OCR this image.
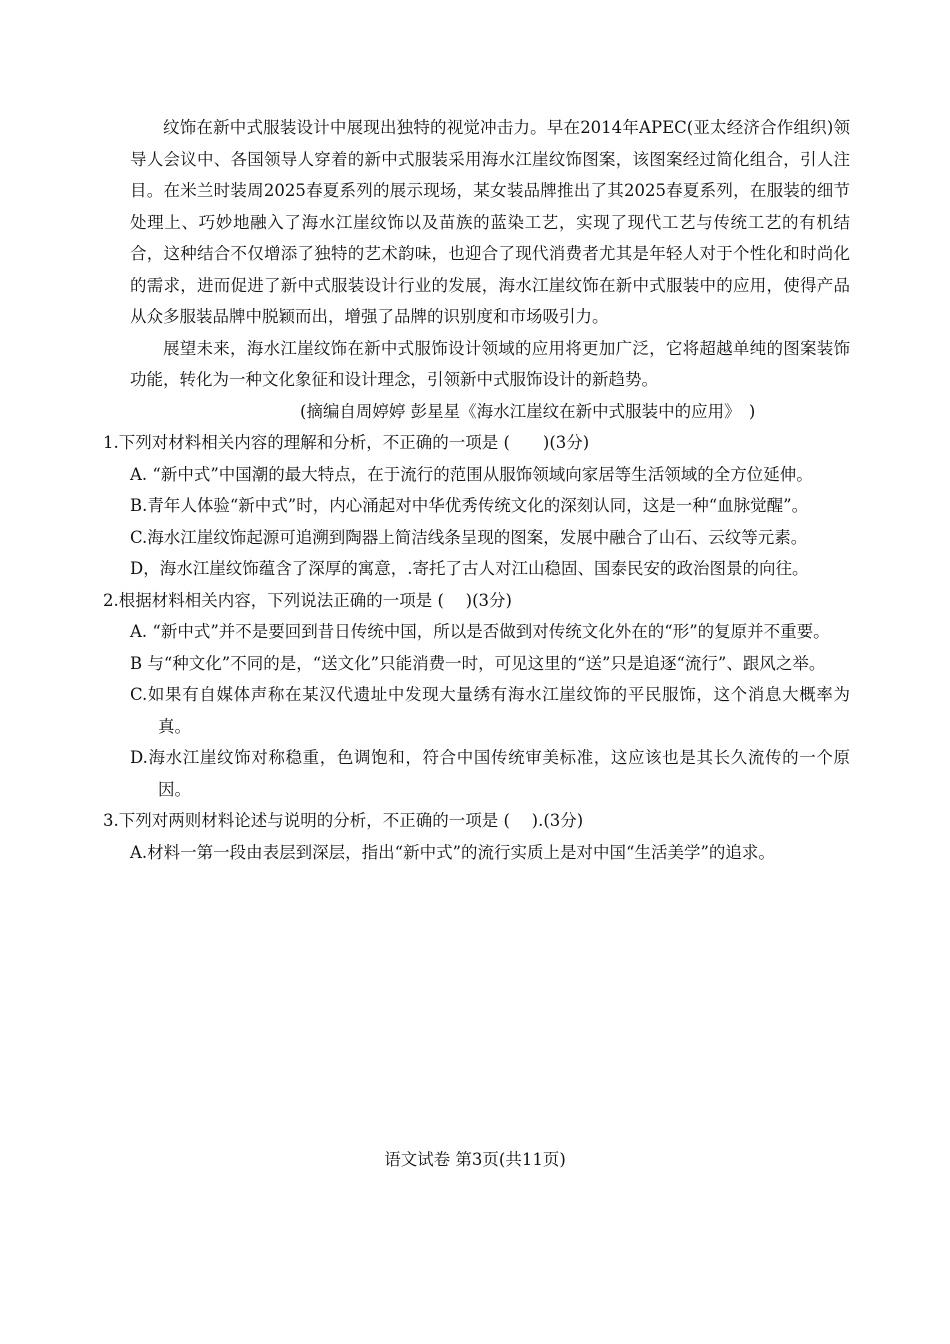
纹饰在新中式服装设计中展现出独特的视觉冲击力。早在2014年APEC(亚太经济合作组织)领导人会议中、各国领导人穿着的新中式服装采用海水江崖纹饰图案，该图案经过简化组合，引人注目。在米兰时装周2025春夏系列的展示现场，某女装品牌推出了其2025春夏系列，在服装的细节处理上、巧妙地融入了海水江崖纹饰以及苗族的蓝染工艺，实现了现代工艺与传统工艺的有机结合，这种结合不仅增添了独特的艺术韵味，也迎合了现代消费者尤其是年轻人对于个性化和时尚化的需求，进而促进了新中式服装设计行业的发展，海水江崖纹饰在新中式服装中的应用，使得产品从众多服装品牌中脱颖而出，增强了品牌的识别度和市场吸引力。

展望未来，海水江崖纹饰在新中式服饰设计领域的应用将更加广泛，它将超越单纯的图案装饰功能，转化为一种文化象征和设计理念，引领新中式服饰设计的新趋势。

(摘编自周婷婷 彭星星《海水江崖纹在新中式服装中的应用》　)

1.下列对材料相关内容的理解和分析，不正确的一项是 (　　)(3分)

A. “新中式”中国潮的最大特点，在于流行的范围从服饰领域向家居等生活领域的全方位延伸。

B.青年人体验“新中式”时，内心涌起对中华优秀传统文化的深刻认同，这是一种“血脉觉醒”。

C.海水江崖纹饰起源可追溯到陶器上简洁线条呈现的图案，发展中融合了山石、云纹等元素。

D，海水江崖纹饰蕴含了深厚的寓意，.寄托了古人对江山稳固、国泰民安的政治图景的向往。

2.根据材料相关内容，下列说法正确的一项是 (　 )(3分)

A. “新中式”并不是要回到昔日传统中国，所以是否做到对传统文化外在的“形”的复原并不重要。

B 与“种文化”不同的是，“送文化”只能消费一时，可见这里的“送”只是追逐“流行”、跟风之举。

C.如果有自媒体声称在某汉代遗址中发现大量绣有海水江崖纹饰的平民服饰，这个消息大概率为真。

D.海水江崖纹饰对称稳重，色调饱和，符合中国传统审美标准，这应该也是其长久流传的一个原因。

3.下列对两则材料论述与说明的分析，不正确的一项是 (　 ).(3分)

A.材料一第一段由表层到深层，指出“新中式”的流行实质上是对中国“生活美学”的追求。

语文试卷 第3页(共11页)
